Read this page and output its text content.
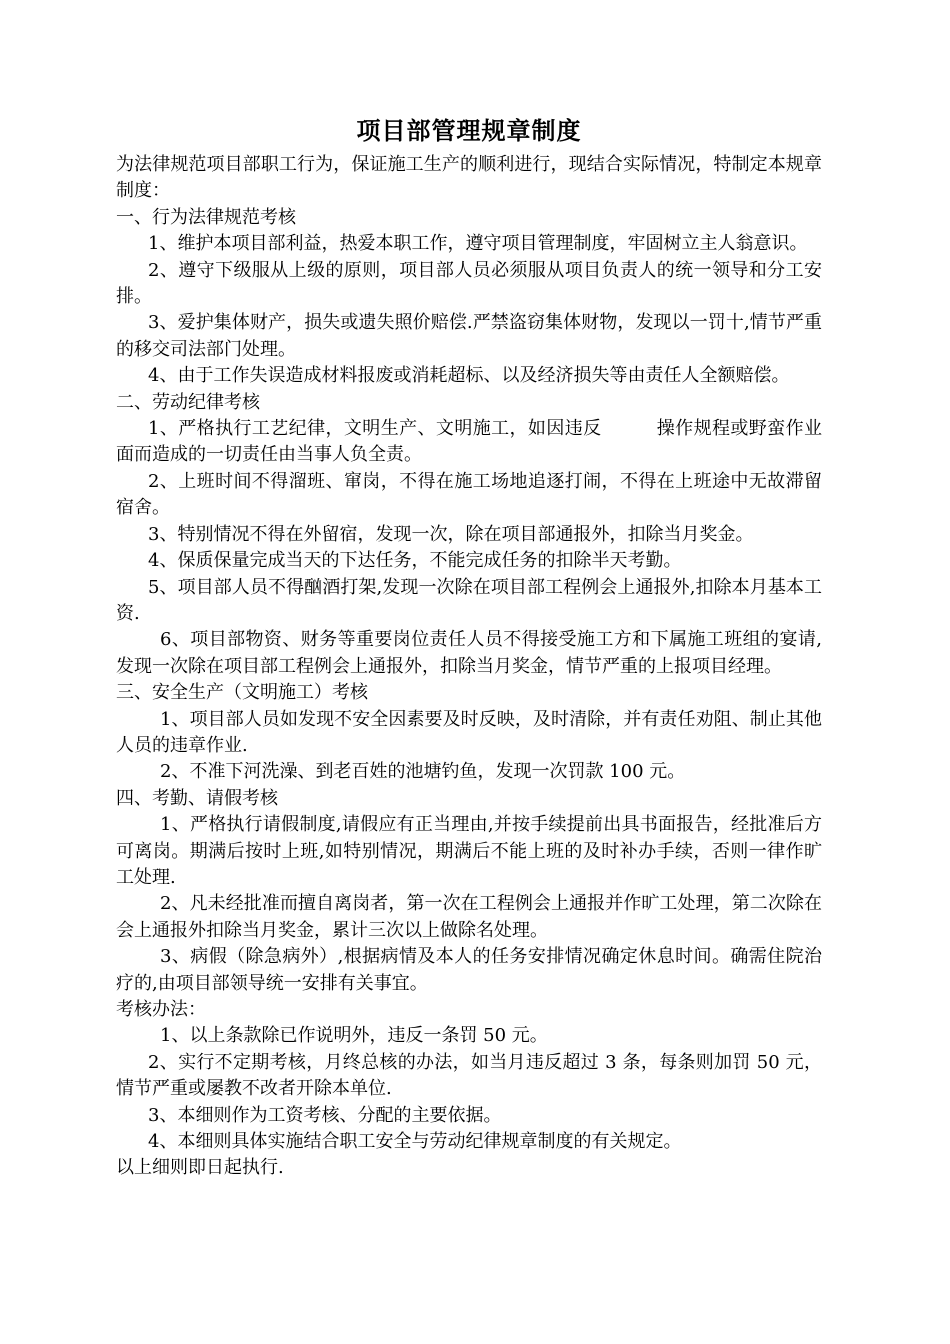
项目部管理规章制度

为法律规范项目部职工行为，保证施工生产的顺利进行，现结合实际情况，特制定本规章制度：

一、行为法律规范考核

1、维护本项目部利益，热爱本职工作，遵守项目管理制度，牢固树立主人翁意识。

2、遵守下级服从上级的原则，项目部人员必须服从项目负责人的统一领导和分工安排。

3、爱护集体财产，损失或遗失照价赔偿.严禁盗窃集体财物，发现以一罚十,情节严重的移交司法部门处理。

4、由于工作失误造成材料报废或消耗超标、以及经济损失等由责任人全额赔偿。

二、劳动纪律考核

1、严格执行工艺纪律，文明生产、文明施工，如因违反　　　操作规程或野蛮作业面而造成的一切责任由当事人负全责。

2、上班时间不得溜班、窜岗，不得在施工场地追逐打闹，不得在上班途中无故滞留宿舍。

3、特别情况不得在外留宿，发现一次，除在项目部通报外，扣除当月奖金。

4、保质保量完成当天的下达任务，不能完成任务的扣除半天考勤。

5、项目部人员不得酗酒打架,发现一次除在项目部工程例会上通报外,扣除本月基本工资.

6、项目部物资、财务等重要岗位责任人员不得接受施工方和下属施工班组的宴请,发现一次除在项目部工程例会上通报外，扣除当月奖金，情节严重的上报项目经理。

三、安全生产（文明施工）考核

1、项目部人员如发现不安全因素要及时反映，及时清除，并有责任劝阻、制止其他人员的违章作业.

2、不准下河洗澡、到老百姓的池塘钓鱼，发现一次罚款 100 元。

四、考勤、请假考核

1、严格执行请假制度,请假应有正当理由,并按手续提前出具书面报告，经批准后方可离岗。期满后按时上班,如特别情况，期满后不能上班的及时补办手续，否则一律作旷工处理.

2、凡未经批准而擅自离岗者，第一次在工程例会上通报并作旷工处理，第二次除在会上通报外扣除当月奖金，累计三次以上做除名处理。

3、病假（除急病外）,根据病情及本人的任务安排情况确定休息时间。确需住院治疗的,由项目部领导统一安排有关事宜。

考核办法：

1、以上条款除已作说明外，违反一条罚 50 元。

2、实行不定期考核，月终总核的办法，如当月违反超过 3 条，每条则加罚 50 元，情节严重或屡教不改者开除本单位.

3、本细则作为工资考核、分配的主要依据。

4、本细则具体实施结合职工安全与劳动纪律规章制度的有关规定。

以上细则即日起执行.
